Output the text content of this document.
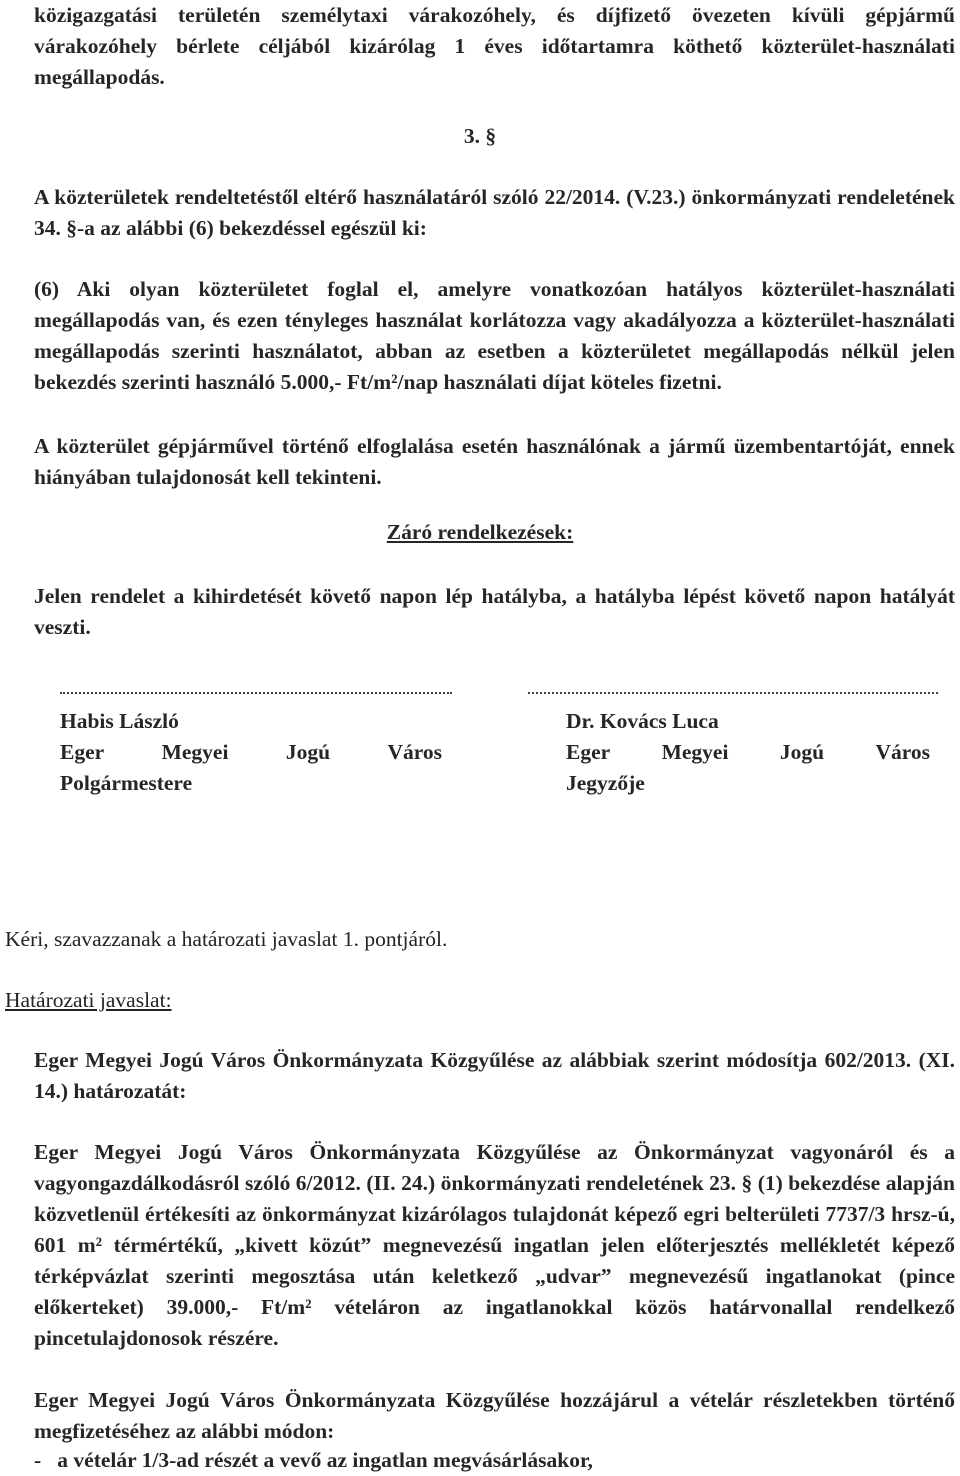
közigazgatási területén személytaxi várakozóhely, és díjfizető övezeten kívüli gépjármű várakozóhely bérlete céljából kizárólag 1 éves időtartamra köthető közterület-használati megállapodás.
3. §
A közterületek rendeltetéstől eltérő használatáról szóló 22/2014. (V.23.) önkormányzati rendeletének 34. §-a az alábbi (6) bekezdéssel egészül ki:
(6) Aki olyan közterületet foglal el, amelyre vonatkozóan hatályos közterület-használati megállapodás van, és ezen tényleges használat korlátozza vagy akadályozza a közterület-használati megállapodás szerinti használatot, abban az esetben a közterületet megállapodás nélkül jelen bekezdés szerinti használó 5.000,- Ft/m²/nap használati díjat köteles fizetni.
A közterület gépjárművel történő elfoglalása esetén használónak a jármű üzembentartóját, ennek hiányában tulajdonosát kell tekinteni.
Záró rendelkezések:
Jelen rendelet a kihirdetését követő napon lép hatályba, a hatályba lépést követő napon hatályát veszti.
Habis László
Eger	Megyei	Jogú	Város
Polgármestere
Dr. Kovács Luca
Eger Megyei Jogú Város
Jegyzője
Kéri, szavazzanak a határozati javaslat 1. pontjáról.
Határozati javaslat:
Eger Megyei Jogú Város Önkormányzata Közgyűlése az alábbiak szerint módosítja 602/2013. (XI. 14.) határozatát:
Eger Megyei Jogú Város Önkormányzata Közgyűlése az Önkormányzat vagyonáról és a vagyongazdálkodásról szóló 6/2012. (II. 24.) önkormányzati rendeletének 23. § (1) bekezdése alapján közvetlenül értékesíti az önkormányzat kizárólagos tulajdonát képező egri belterületi 7737/3 hrsz-ú, 601 m² térmértékű, „kivett közút” megnevezésű ingatlan jelen előterjesztés mellékletét képező térképvázlat szerinti megosztása után keletkező „udvar” megnevezésű ingatlanokat (pince előkerteket) 39.000,- Ft/m² vételáron az ingatlanokkal közös határvonallal rendelkező pincetulajdonosok részére.
Eger Megyei Jogú Város Önkormányzata Közgyűlése hozzájárul a vételár részletekben történő megfizetéséhez az alábbi módon:
-   a vételár 1/3-ad részét a vevő az ingatlan megvásárlásakor,
